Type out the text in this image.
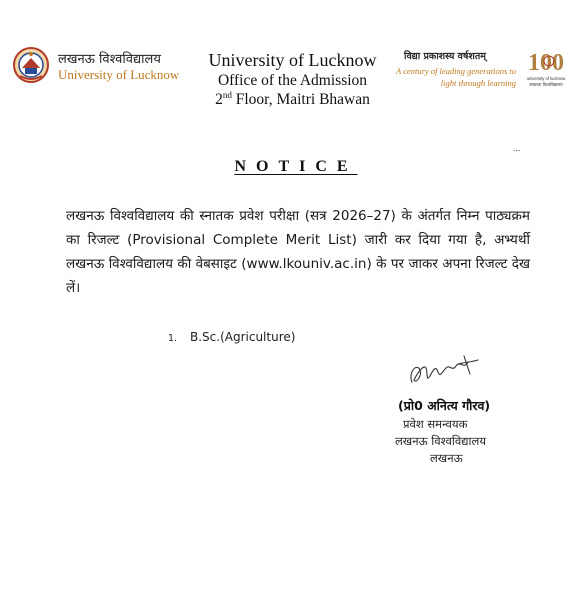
लखनऊ विश्वविद्यालय
University of Lucknow
University of Lucknow
Office of the Admission
2nd Floor, Maitri Bhawan
विद्या प्रकाशस्य वर्षशतम्
A century of leading generations to
light through learning
100
university of lucknow
लखनऊ विश्वविद्यालय
...
NOTICE
लखनऊ विश्वविद्यालय की स्नातक प्रवेश परीक्षा (सत्र 2026–27) के अंतर्गत निम्न पाठ्यक्रम का रिजल्ट (Provisional Complete Merit List) जारी कर दिया गया है, अभ्यर्थी लखनऊ विश्वविद्यालय की वेबसाइट (www.lkouniv.ac.in) के पर जाकर अपना रिजल्ट देख लें।
1. B.Sc.(Agriculture)
(प्रो0 अनित्य गौरव)
प्रवेश समन्वयक
लखनऊ विश्वविद्यालय
लखनऊ
